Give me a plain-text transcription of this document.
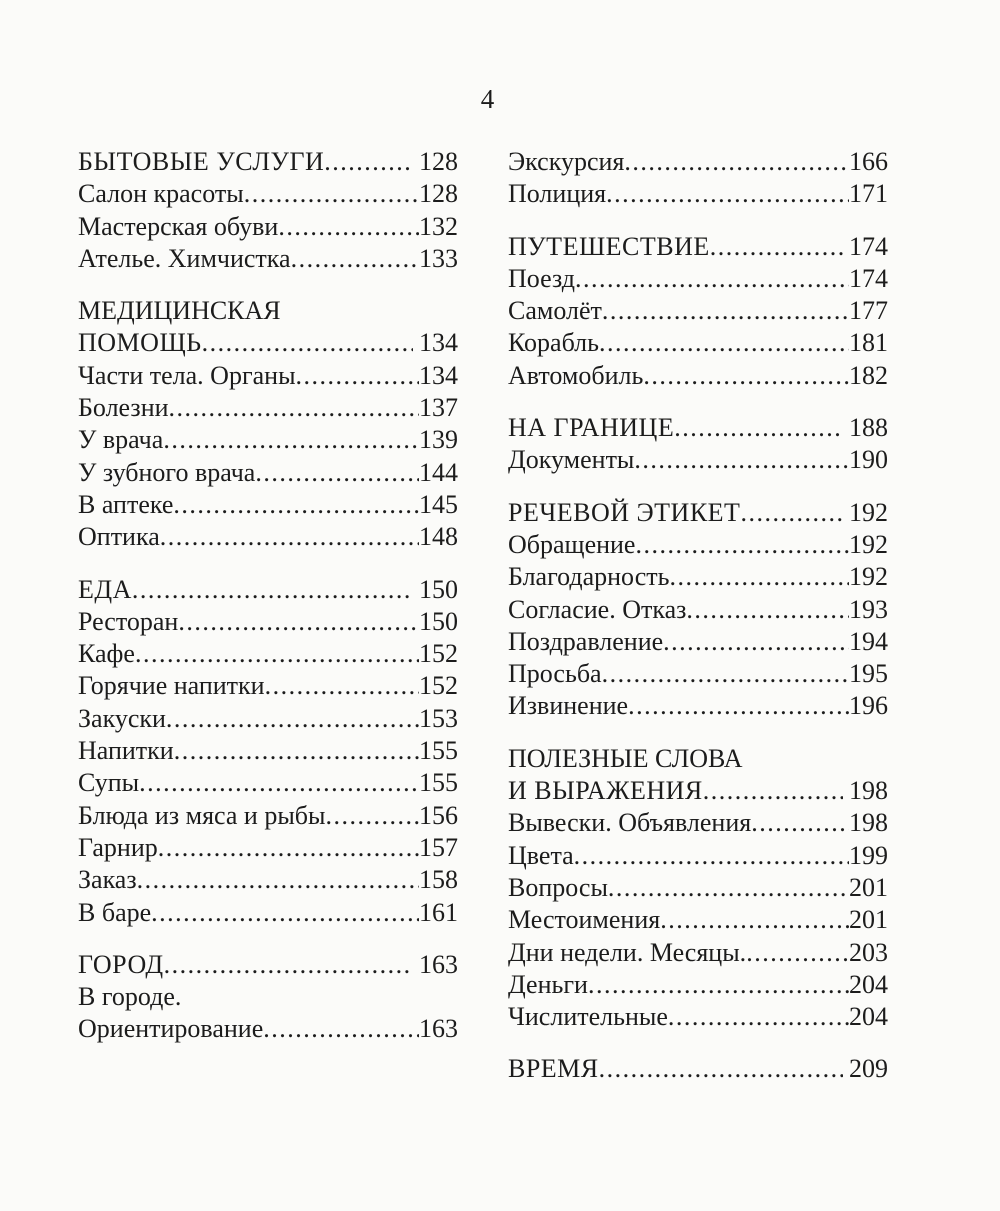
4
БЫТОВЫЕ УСЛУГИ .....	128
Салон красоты .....	128
Мастерская обуви .....	132
Ателье. Химчистка .....	133
МЕДИЦИНСКАЯ
ПОМОЩЬ .....	134
Части тела. Органы .....	134
Болезни .....	137
У врача .....	139
У зубного врача .....	144
В аптеке .....	145
Оптика .....	148
ЕДА .....	150
Ресторан .....	150
Кафе .....	152
Горячие напитки .....	152
Закуски .....	153
Напитки .....	155
Супы .....	155
Блюда из мяса и рыбы .....	156
Гарнир .....	157
Заказ .....	158
В баре .....	161
ГОРОД .....	163
В городе.
Ориентирование .....	163
Экскурсия .....	166
Полиция .....	171
ПУТЕШЕСТВИЕ .....	174
Поезд .....	174
Самолёт .....	177
Корабль .....	181
Автомобиль .....	182
НА ГРАНИЦЕ .....	188
Документы .....	190
РЕЧЕВОЙ ЭТИКЕТ .....	192
Обращение .....	192
Благодарность .....	192
Согласие. Отказ .....	193
Поздравление .....	194
Просьба .....	195
Извинение .....	196
ПОЛЕЗНЫЕ СЛОВА
И ВЫРАЖЕНИЯ .....	198
Вывески. Объявления .....	198
Цвета .....	199
Вопросы .....	201
Местоимения .....	201
Дни недели. Месяцы. .....	203
Деньги .....	204
Числительные .....	204
ВРЕМЯ .....	209
